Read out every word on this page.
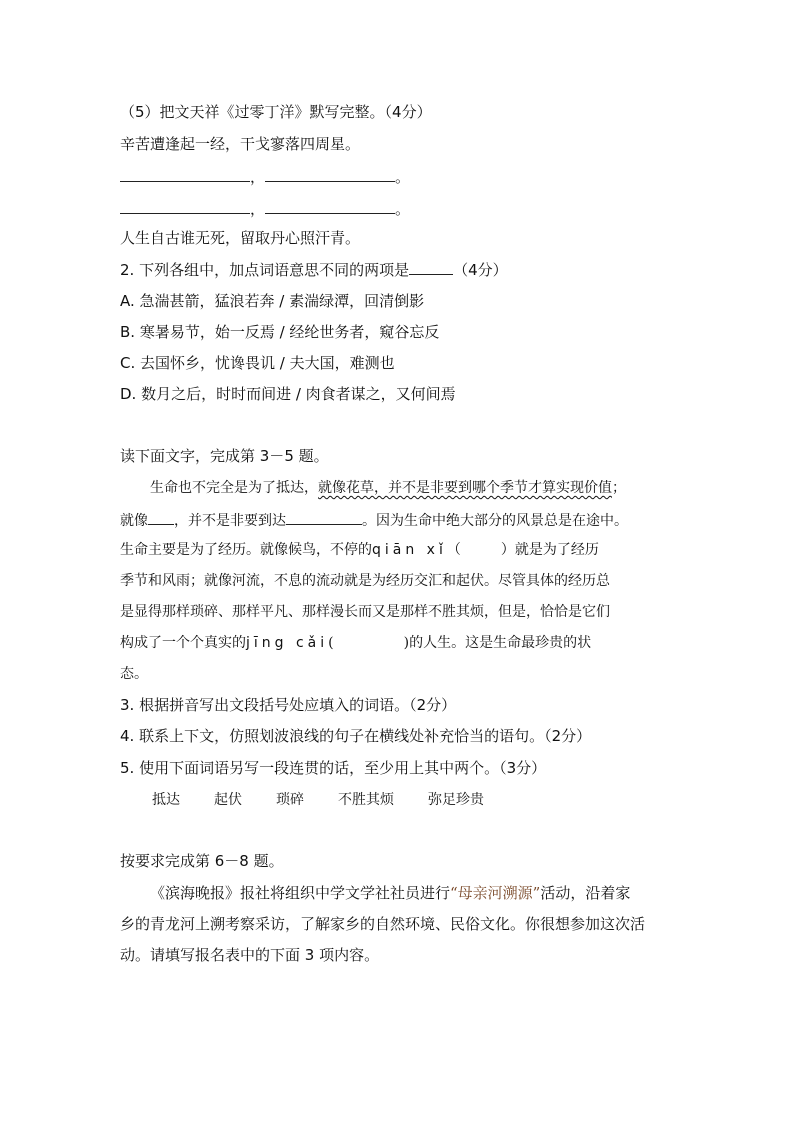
（5）把文天祥《过零丁洋》默写完整。（4分）
辛苦遭逢起一经，干戈寥落四周星。
，	。
，	。
人生自古谁无死，留取丹心照汗青。
2. 下列各组中，加点词语意思不同的两项是	（4分）
A. 急湍甚箭，猛浪若奔 / 素湍绿潭，回清倒影
B. 寒暑易节，始一反焉 / 经纶世务者，窥谷忘反
C. 去国怀乡，忧谗畏讥 / 夫大国，难测也
D. 数月之后，时时而间进 / 肉食者谋之，又何间焉
读下面文字，完成第 3－5 题。
生命也不完全是为了抵达，就像花草，并不是非要到哪个季节才算实现价值；
就像 ，并不是非要到达	。因为生命中绝大部分的风景总是在途中。
生命主要是为了经历。就像候鸟，不停的qiān xǐ（	）就是为了经历
季节和风雨；就像河流，不息的流动就是为经历交汇和起伏。尽管具体的经历总
是显得那样琐碎、那样平凡、那样漫长而又是那样不胜其烦，但是，恰恰是它们
构成了一个个真实的jīng cǎi(	)的人生。这是生命最珍贵的状
态。
3. 根据拼音写出文段括号处应填入的词语。（2分）
4. 联系上下文，仿照划波浪线的句子在横线处补充恰当的语句。（2分）
5. 使用下面词语另写一段连贯的话，至少用上其中两个。（3分）
抵达 起伏 琐碎 不胜其烦 弥足珍贵
按要求完成第 6－8 题。
《滨海晚报》报社将组织中学文学社社员进行“母亲河溯源”活动，沿着家
乡的青龙河上溯考察采访，了解家乡的自然环境、民俗文化。你很想参加这次活
动。请填写报名表中的下面 3 项内容。
